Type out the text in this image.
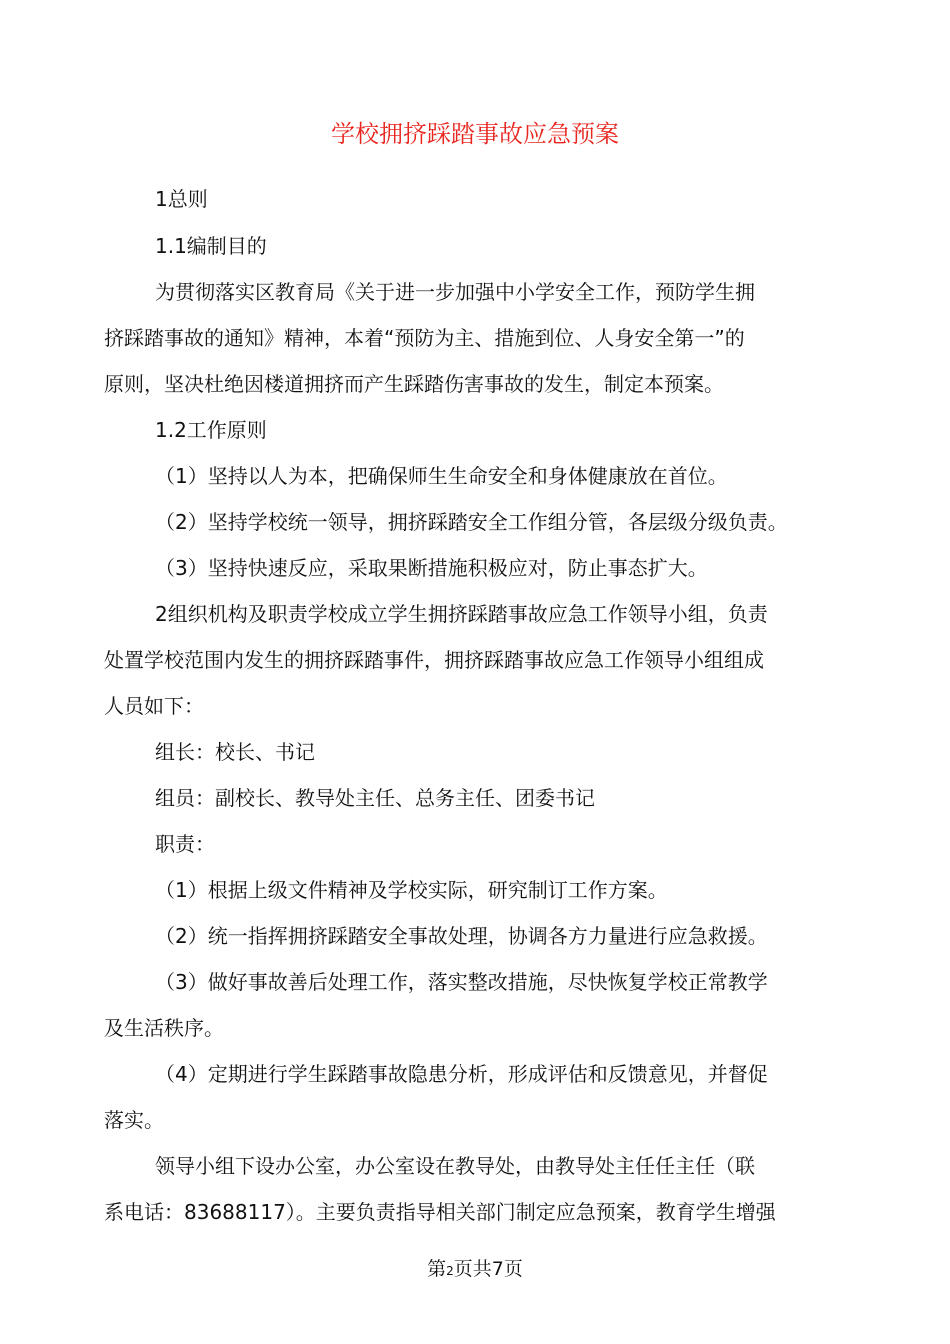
学校拥挤踩踏事故应急预案
1总则
1.1编制目的
为贯彻落实区教育局《关于进一步加强中小学安全工作，预防学生拥
挤踩踏事故的通知》精神，本着“预防为主、措施到位、人身安全第一”的
原则，坚决杜绝因楼道拥挤而产生踩踏伤害事故的发生，制定本预案。
1.2工作原则
（1）坚持以人为本，把确保师生生命安全和身体健康放在首位。
（2）坚持学校统一领导，拥挤踩踏安全工作组分管，各层级分级负责。
（3）坚持快速反应，采取果断措施积极应对，防止事态扩大。
2组织机构及职责学校成立学生拥挤踩踏事故应急工作领导小组，负责
处置学校范围内发生的拥挤踩踏事件，拥挤踩踏事故应急工作领导小组组成
人员如下：
组长：校长、书记
组员：副校长、教导处主任、总务主任、团委书记
职责：
（1）根据上级文件精神及学校实际，研究制订工作方案。
（2）统一指挥拥挤踩踏安全事故处理，协调各方力量进行应急救援。
（3）做好事故善后处理工作，落实整改措施，尽快恢复学校正常教学
及生活秩序。
（4）定期进行学生踩踏事故隐患分析，形成评估和反馈意见，并督促
落实。
领导小组下设办公室，办公室设在教导处，由教导处主任任主任（联
系电话：83688117）。主要负责指导相关部门制定应急预案，教育学生增强
第2页共7页
